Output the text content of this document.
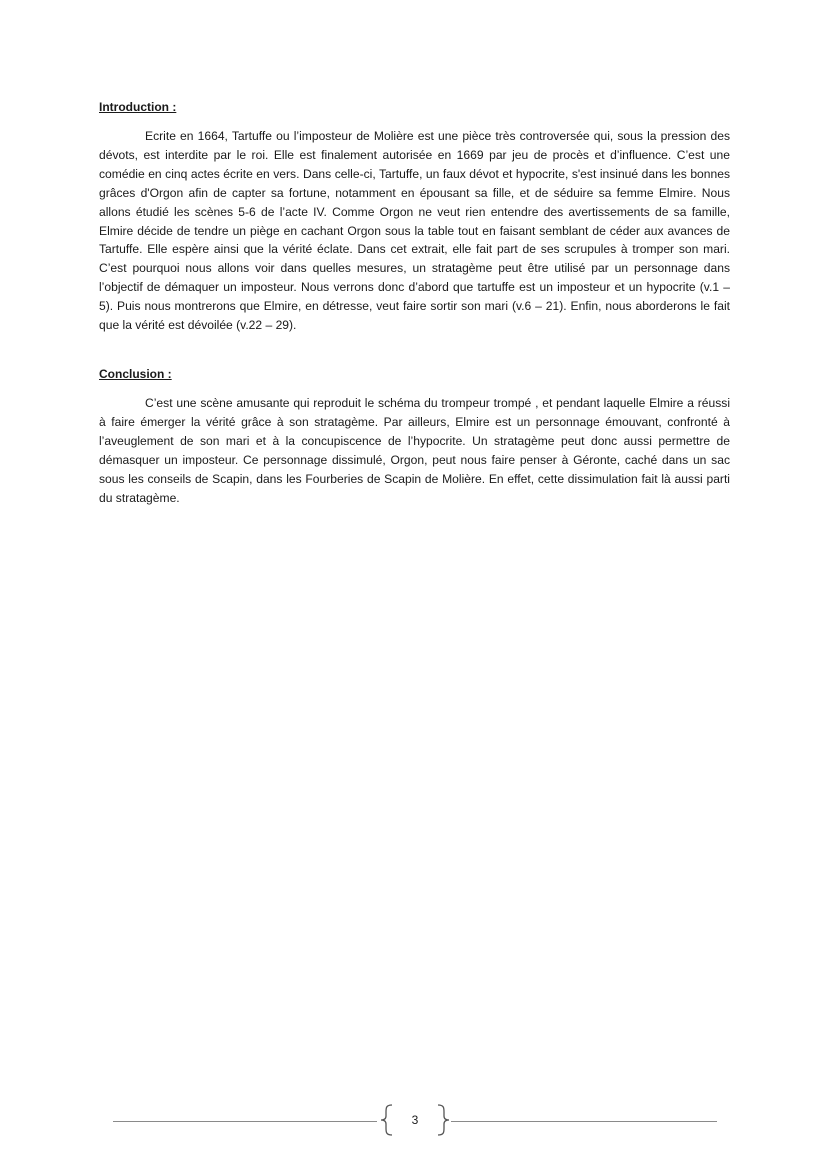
Introduction :

Ecrite en 1664, Tartuffe ou l’imposteur de Molière est une pièce très controversée qui, sous la pression des dévots, est interdite par le roi. Elle est finalement autorisée en 1669 par jeu de procès et d’influence. C’est une comédie en cinq actes écrite en vers. Dans celle-ci, Tartuffe, un faux dévot et hypocrite, s'est insinué dans les bonnes grâces d'Orgon afin de capter sa fortune, notamment en épousant sa fille, et de séduire sa femme Elmire. Nous allons étudié les scènes 5-6 de l’acte IV. Comme Orgon ne veut rien entendre des avertissements de sa famille, Elmire décide de tendre un piège en cachant Orgon sous la table tout en faisant semblant de céder aux avances de Tartuffe. Elle espère ainsi que la vérité éclate. Dans cet extrait, elle fait part de ses scrupules à tromper son mari. C’est pourquoi nous allons voir dans quelles mesures, un stratagème peut être utilisé par un personnage dans l’objectif de démaquer un imposteur. Nous verrons donc d’abord que tartuffe est un imposteur et un hypocrite (v.1 – 5). Puis nous montrerons que Elmire, en détresse, veut faire sortir son mari (v.6 – 21). Enfin, nous aborderons le fait que la vérité est dévoilée (v.22 – 29).

Conclusion :

C’est une scène amusante qui reproduit le schéma du trompeur trompé , et pendant laquelle Elmire a réussi à faire émerger la vérité grâce à son stratagème. Par ailleurs, Elmire est un personnage émouvant, confronté à l’aveuglement de son mari et à la concupiscence de l’hypocrite. Un stratagème peut donc aussi permettre de démasquer un imposteur. Ce personnage dissimulé, Orgon, peut nous faire penser à Géronte, caché dans un sac sous les conseils de Scapin, dans les Fourberies de Scapin de Molière. En effet, cette dissimulation fait là aussi parti du stratagème.

3
